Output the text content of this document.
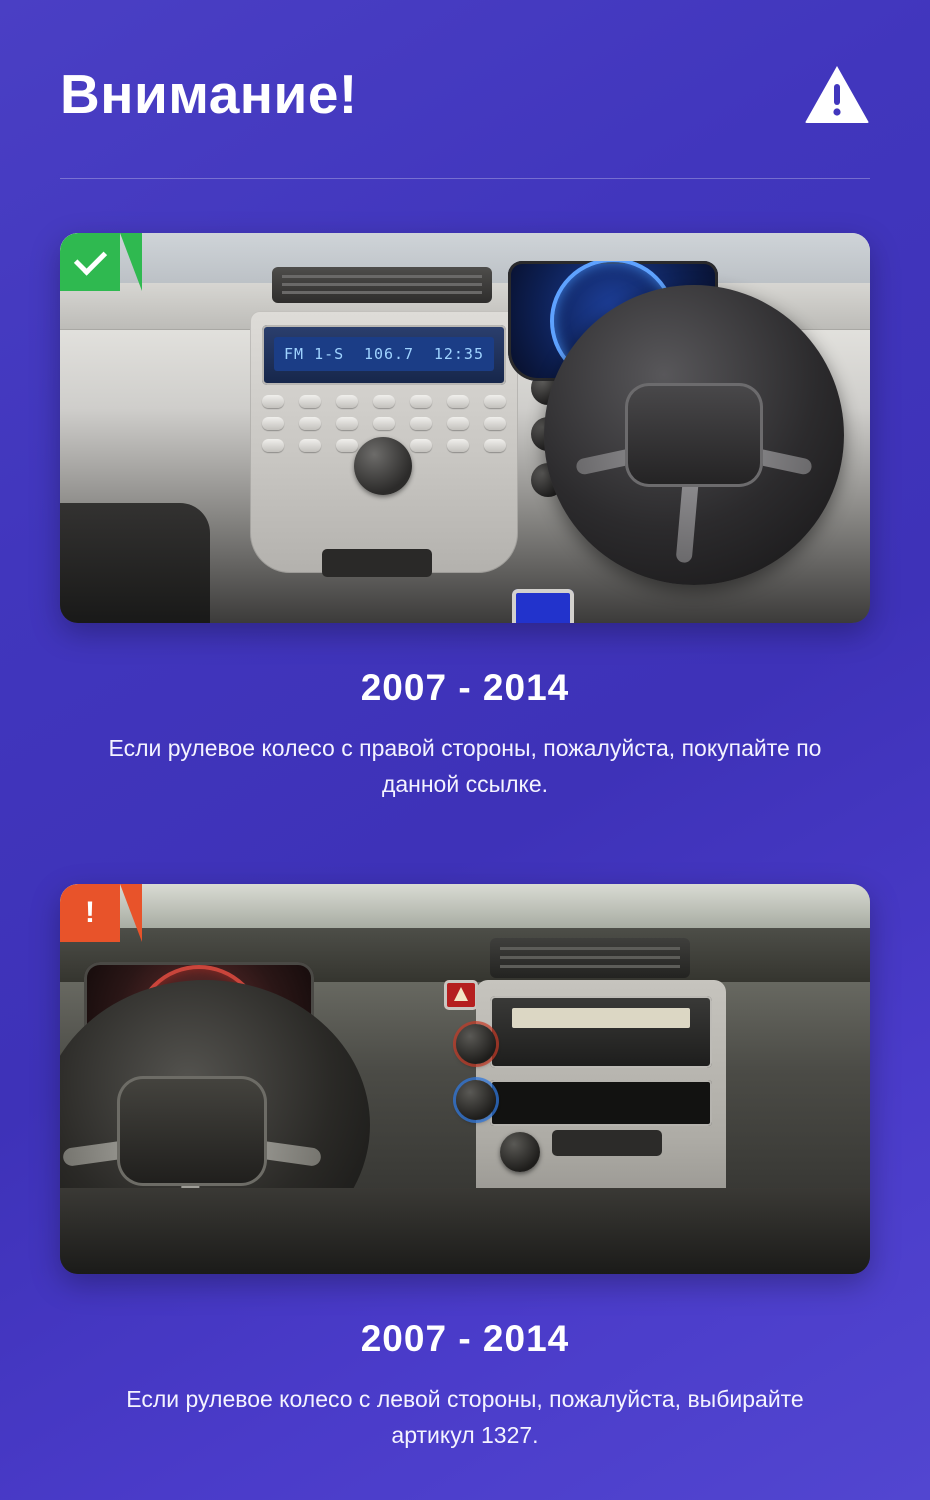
Внимание!
FM 1-S 106.7 12:35

2007 - 2014

Если рулевое колесо с правой стороны, пожалуйста, покупайте по данной ссылке.

!

2007 - 2014

Если рулевое колесо с левой стороны, пожалуйста, выбирайте артикул 1327.
